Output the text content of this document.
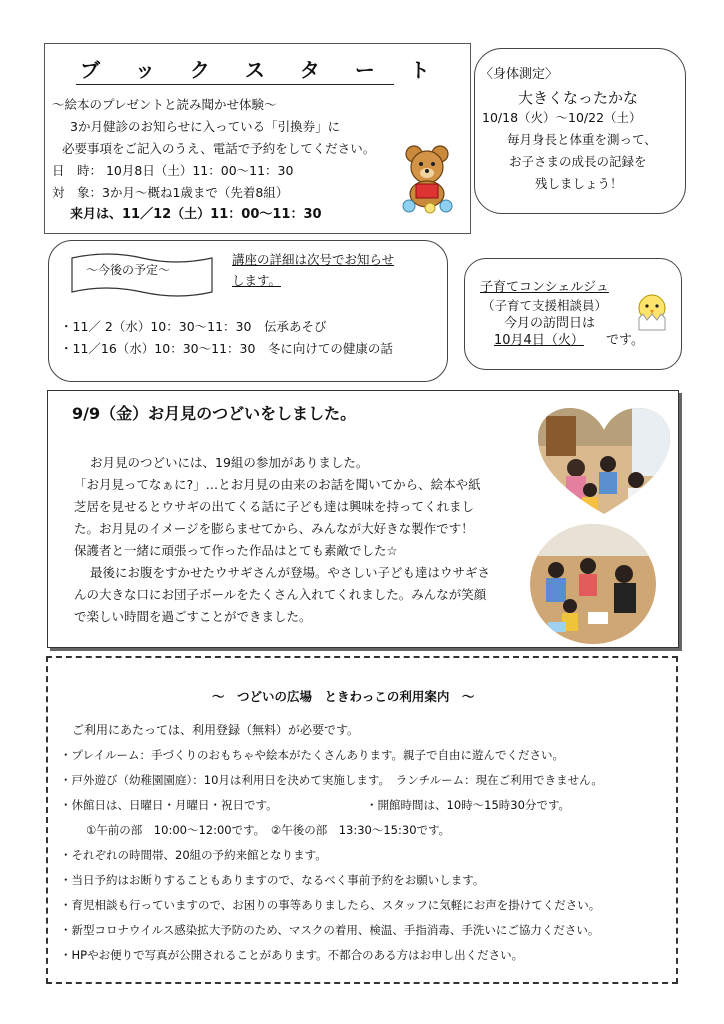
ブ ッ ク ス タ ー ト
～絵本のプレゼントと読み聞かせ体験～
3か月健診のお知らせに入っている「引換券」に
必要事項をご記入のうえ、電話で予約をしてください。
日　時： 10月8日（土）11：00～11：30
対　象：3か月～概ね1歳まで（先着8組）
来月は、11／12（土）11：00～11：30
〈身体測定〉
大きくなったかな
10/18（火）～10/22（土）
毎月身長と体重を測って、
お子さまの成長の記録を
残しましょう！
～今後の予定～
講座の詳細は次号でお知らせ
します。
・11／ 2（水）10：30～11：30　伝承あそび
・11／16（水）10：30～11：30　冬に向けての健康の話
子育てコンシェルジュ
（子育て支援相談員）
今月の訪問日は
10月4日（火） です。
9/9（金）お月見のつどいをしました。
お月見のつどいには、19組の参加がありました。
「お月見ってなぁに?」…とお月見の由来のお話を聞いてから、絵本や紙
芝居を見せるとウサギの出てくる話に子ども達は興味を持ってくれまし
た。お月見のイメージを膨らませてから、みんなが大好きな製作です！
保護者と一緒に頑張って作った作品はとても素敵でした☆
最後にお腹をすかせたウサギさんが登場。やさしい子ども達はウサギさ
んの大きな口にお団子ボールをたくさん入れてくれました。みんなが笑顔
で楽しい時間を過ごすことができました。
～　つどいの広場　ときわっこの利用案内　～
ご利用にあたっては、利用登録（無料）が必要です。
・プレイルーム：手づくりのおもちゃや絵本がたくさんあります。親子で自由に遊んでください。
・戸外遊び（幼稚園園庭）：10月は利用日を決めて実施します。　ランチルーム：現在ご利用できません。
・休館日は、日曜日・月曜日・祝日です。	・開館時間は、10時～15時30分です。
①午前の部　10:00～12:00です。　②午後の部　13:30～15:30です。
・それぞれの時間帯、20組の予約来館となります。
・当日予約はお断りすることもありますので、なるべく事前予約をお願いします。
・育児相談も行っていますので、お困りの事等ありましたら、スタッフに気軽にお声を掛けてください。
・新型コロナウイルス感染拡大予防のため、マスクの着用、検温、手指消毒、手洗いにご協力ください。
・HPやお便りで写真が公開されることがあります。不都合のある方はお申し出ください。
